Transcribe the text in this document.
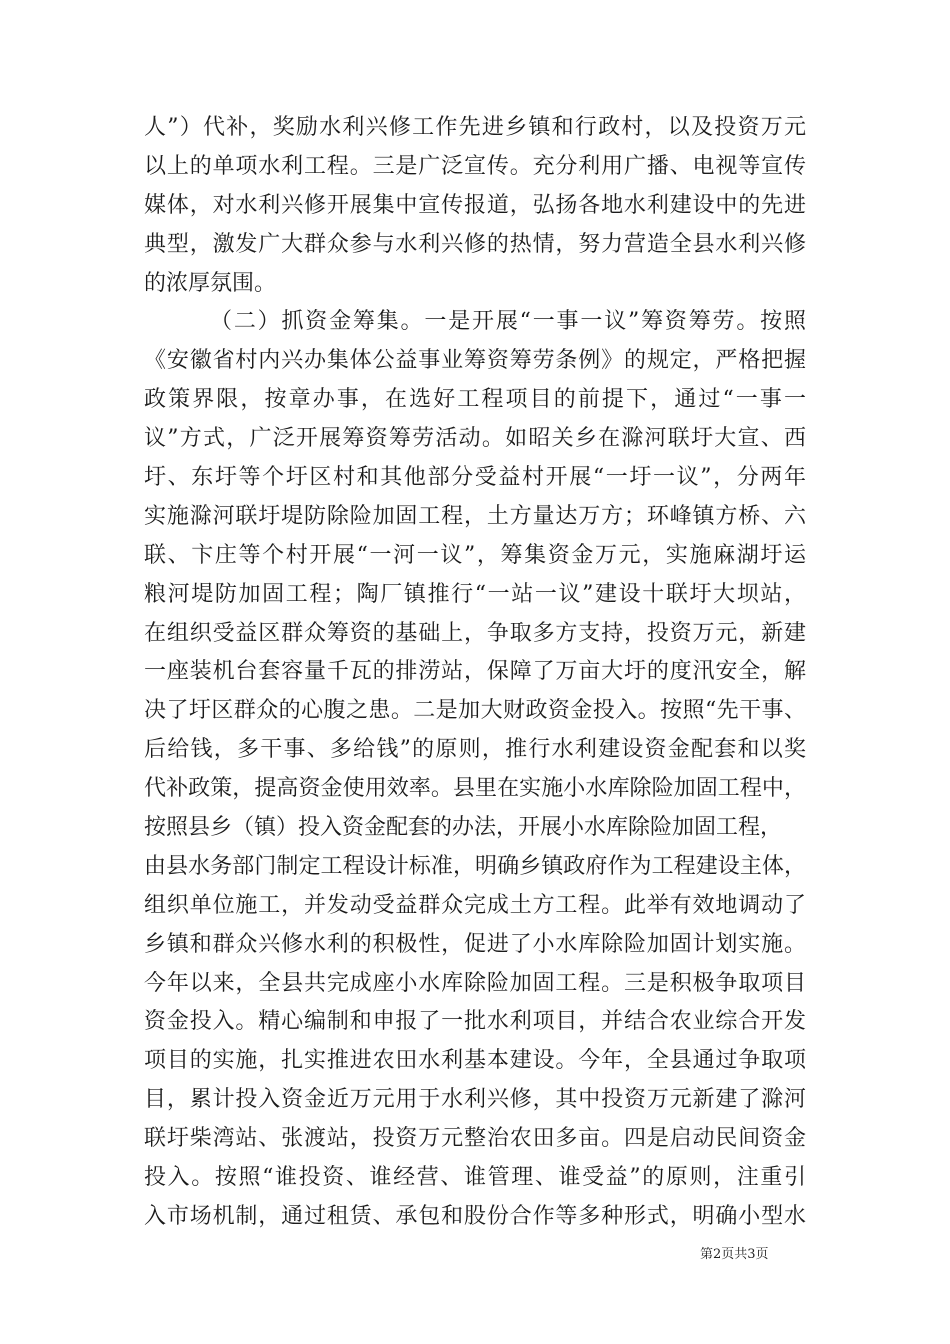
人”）代补，奖励水利兴修工作先进乡镇和行政村，以及投资万元
以上的单项水利工程。三是广泛宣传。充分利用广播、电视等宣传
媒体，对水利兴修开展集中宣传报道，弘扬各地水利建设中的先进
典型，激发广大群众参与水利兴修的热情，努力营造全县水利兴修
的浓厚氛围。
（二）抓资金筹集。一是开展“一事一议”筹资筹劳。按照
《安徽省村内兴办集体公益事业筹资筹劳条例》的规定，严格把握
政策界限，按章办事，在选好工程项目的前提下，通过“一事一
议”方式，广泛开展筹资筹劳活动。如昭关乡在滁河联圩大宣、西
圩、东圩等个圩区村和其他部分受益村开展“一圩一议”，分两年
实施滁河联圩堤防除险加固工程，土方量达万方；环峰镇方桥、六
联、卞庄等个村开展“一河一议”，筹集资金万元，实施麻湖圩运
粮河堤防加固工程；陶厂镇推行“一站一议”建设十联圩大坝站，
在组织受益区群众筹资的基础上，争取多方支持，投资万元，新建
一座装机台套容量千瓦的排涝站，保障了万亩大圩的度汛安全，解
决了圩区群众的心腹之患。二是加大财政资金投入。按照“先干事、
后给钱，多干事、多给钱”的原则，推行水利建设资金配套和以奖
代补政策，提高资金使用效率。县里在实施小水库除险加固工程中，
按照县乡（镇）投入资金配套的办法，开展小水库除险加固工程，
由县水务部门制定工程设计标准，明确乡镇政府作为工程建设主体，
组织单位施工，并发动受益群众完成土方工程。此举有效地调动了
乡镇和群众兴修水利的积极性，促进了小水库除险加固计划实施。
今年以来，全县共完成座小水库除险加固工程。三是积极争取项目
资金投入。精心编制和申报了一批水利项目，并结合农业综合开发
项目的实施，扎实推进农田水利基本建设。今年，全县通过争取项
目，累计投入资金近万元用于水利兴修，其中投资万元新建了滁河
联圩柴湾站、张渡站，投资万元整治农田多亩。四是启动民间资金
投入。按照“谁投资、谁经营、谁管理、谁受益”的原则，注重引
入市场机制，通过租赁、承包和股份合作等多种形式，明确小型水
第2页共3页
